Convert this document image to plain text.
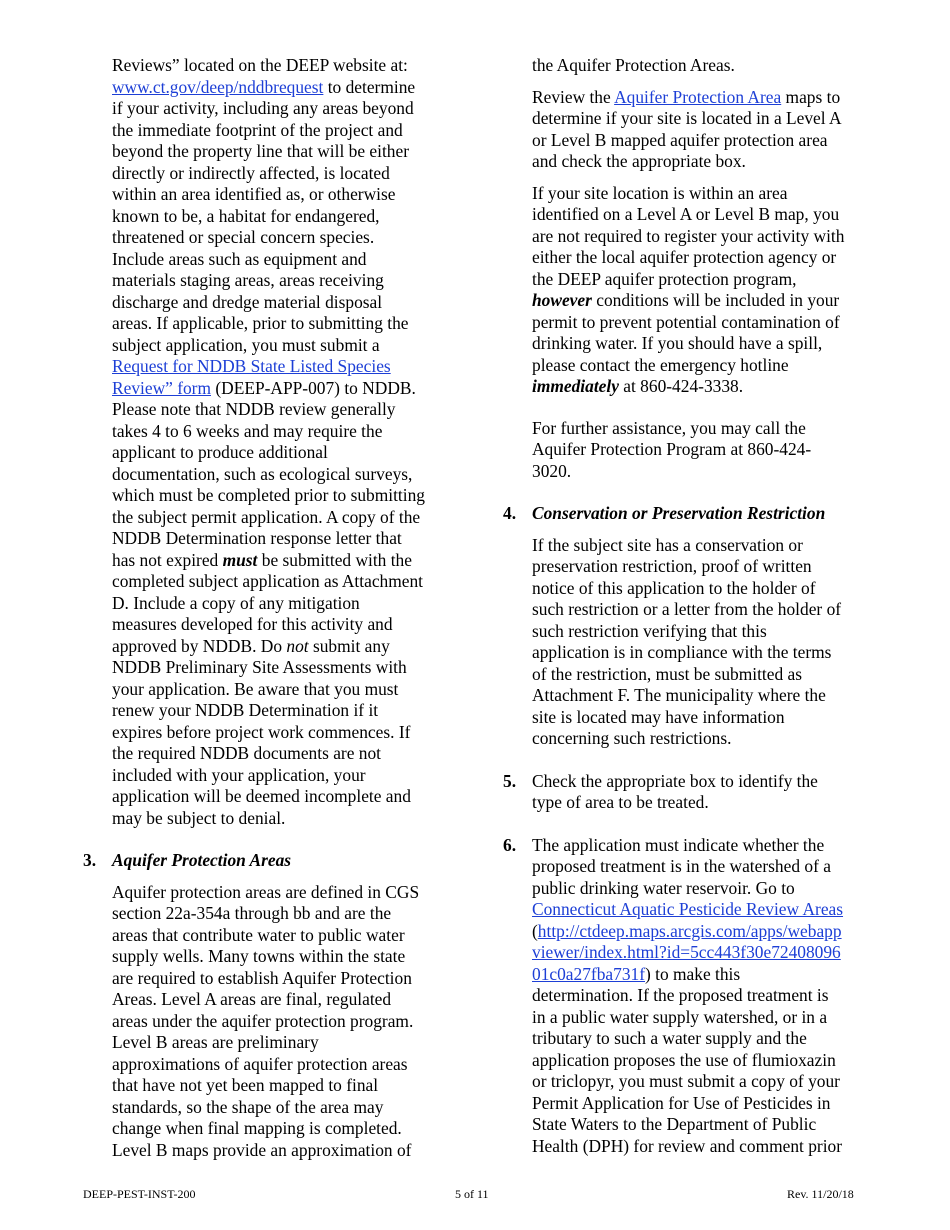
Reviews” located on the DEEP website at:
www.ct.gov/deep/nddbrequest to determine
if your activity, including any areas beyond
the immediate footprint of the project and
beyond the property line that will be either
directly or indirectly affected, is located
within an area identified as, or otherwise
known to be, a habitat for endangered,
threatened or special concern species.
Include areas such as equipment and
materials staging areas, areas receiving
discharge and dredge material disposal
areas. If applicable, prior to submitting the
subject application, you must submit a
Request for NDDB State Listed Species
Review” form (DEEP-APP-007) to NDDB.
Please note that NDDB review generally
takes 4 to 6 weeks and may require the
applicant to produce additional
documentation, such as ecological surveys,
which must be completed prior to submitting
the subject permit application. A copy of the
NDDB Determination response letter that
has not expired must be submitted with the
completed subject application as Attachment
D. Include a copy of any mitigation
measures developed for this activity and
approved by NDDB. Do not submit any
NDDB Preliminary Site Assessments with
your application. Be aware that you must
renew your NDDB Determination if it
expires before project work commences. If
the required NDDB documents are not
included with your application, your
application will be deemed incomplete and
may be subject to denial.
3. Aquifer Protection Areas
Aquifer protection areas are defined in CGS
section 22a-354a through bb and are the
areas that contribute water to public water
supply wells. Many towns within the state
are required to establish Aquifer Protection
Areas. Level A areas are final, regulated
areas under the aquifer protection program.
Level B areas are preliminary
approximations of aquifer protection areas
that have not yet been mapped to final
standards, so the shape of the area may
change when final mapping is completed.
Level B maps provide an approximation of
the Aquifer Protection Areas.
Review the Aquifer Protection Area maps to
determine if your site is located in a Level A
or Level B mapped aquifer protection area
and check the appropriate box.
If your site location is within an area
identified on a Level A or Level B map, you
are not required to register your activity with
either the local aquifer protection agency or
the DEEP aquifer protection program,
however conditions will be included in your
permit to prevent potential contamination of
drinking water. If you should have a spill,
please contact the emergency hotline
immediately at 860-424-3338.
For further assistance, you may call the
Aquifer Protection Program at 860-424-
3020.
4. Conservation or Preservation Restriction
If the subject site has a conservation or
preservation restriction, proof of written
notice of this application to the holder of
such restriction or a letter from the holder of
such restriction verifying that this
application is in compliance with the terms
of the restriction, must be submitted as
Attachment F. The municipality where the
site is located may have information
concerning such restrictions.
5. Check the appropriate box to identify the
type of area to be treated.
6. The application must indicate whether the
proposed treatment is in the watershed of a
public drinking water reservoir. Go to
Connecticut Aquatic Pesticide Review Areas
(http://ctdeep.maps.arcgis.com/apps/webapp
viewer/index.html?id=5cc443f30e72408096
01c0a27fba731f) to make this
determination. If the proposed treatment is
in a public water supply watershed, or in a
tributary to such a water supply and the
application proposes the use of flumioxazin
or triclopyr, you must submit a copy of your
Permit Application for Use of Pesticides in
State Waters to the Department of Public
Health (DPH) for review and comment prior
DEEP-PEST-INST-200	5 of 11	Rev. 11/20/18
